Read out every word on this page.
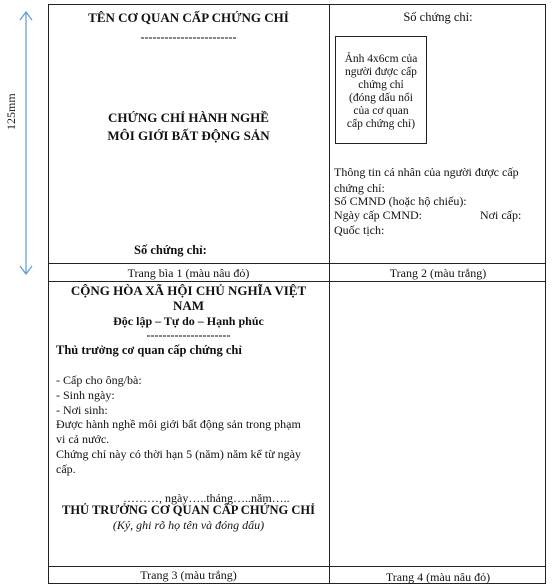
125mm
TÊN CƠ QUAN CẤP CHỨNG CHỈ
------------------------
CHỨNG CHỈ HÀNH NGHỀ
MÔI GIỚI BẤT ĐỘNG SẢN
Số chứng chỉ:
Trang bìa 1 (màu nâu đỏ)
Số chứng chỉ:
Ảnh 4x6cm của
người được cấp
chứng chỉ
(đóng dấu nổi
của cơ quan
cấp chứng chỉ)
Thông tin cá nhân của người được cấp
chứng chỉ:
Số CMND (hoặc hộ chiếu):
Ngày cấp CMND:	Nơi cấp:
Quốc tịch:
Trang 2 (màu trắng)
CỘNG HÒA XÃ HỘI CHỦ NGHĨA VIỆT
NAM
Độc lập – Tự do – Hạnh phúc
---------------------
Thủ trưởng cơ quan cấp chứng chỉ
- Cấp cho ông/bà:
- Sinh ngày:
- Nơi sinh:
Được hành nghề môi giới bất động sản trong phạm
vi cả nước.
Chứng chỉ này có thời hạn 5 (năm) năm kể từ ngày
cấp.
………, ngày…..tháng…..năm…..
THỦ TRƯỞNG CƠ QUAN CẤP CHỨNG CHỈ
(Ký, ghi rõ họ tên và đóng dấu)
Trang 3 (màu trắng)	Trang 4 (màu nâu đỏ)
